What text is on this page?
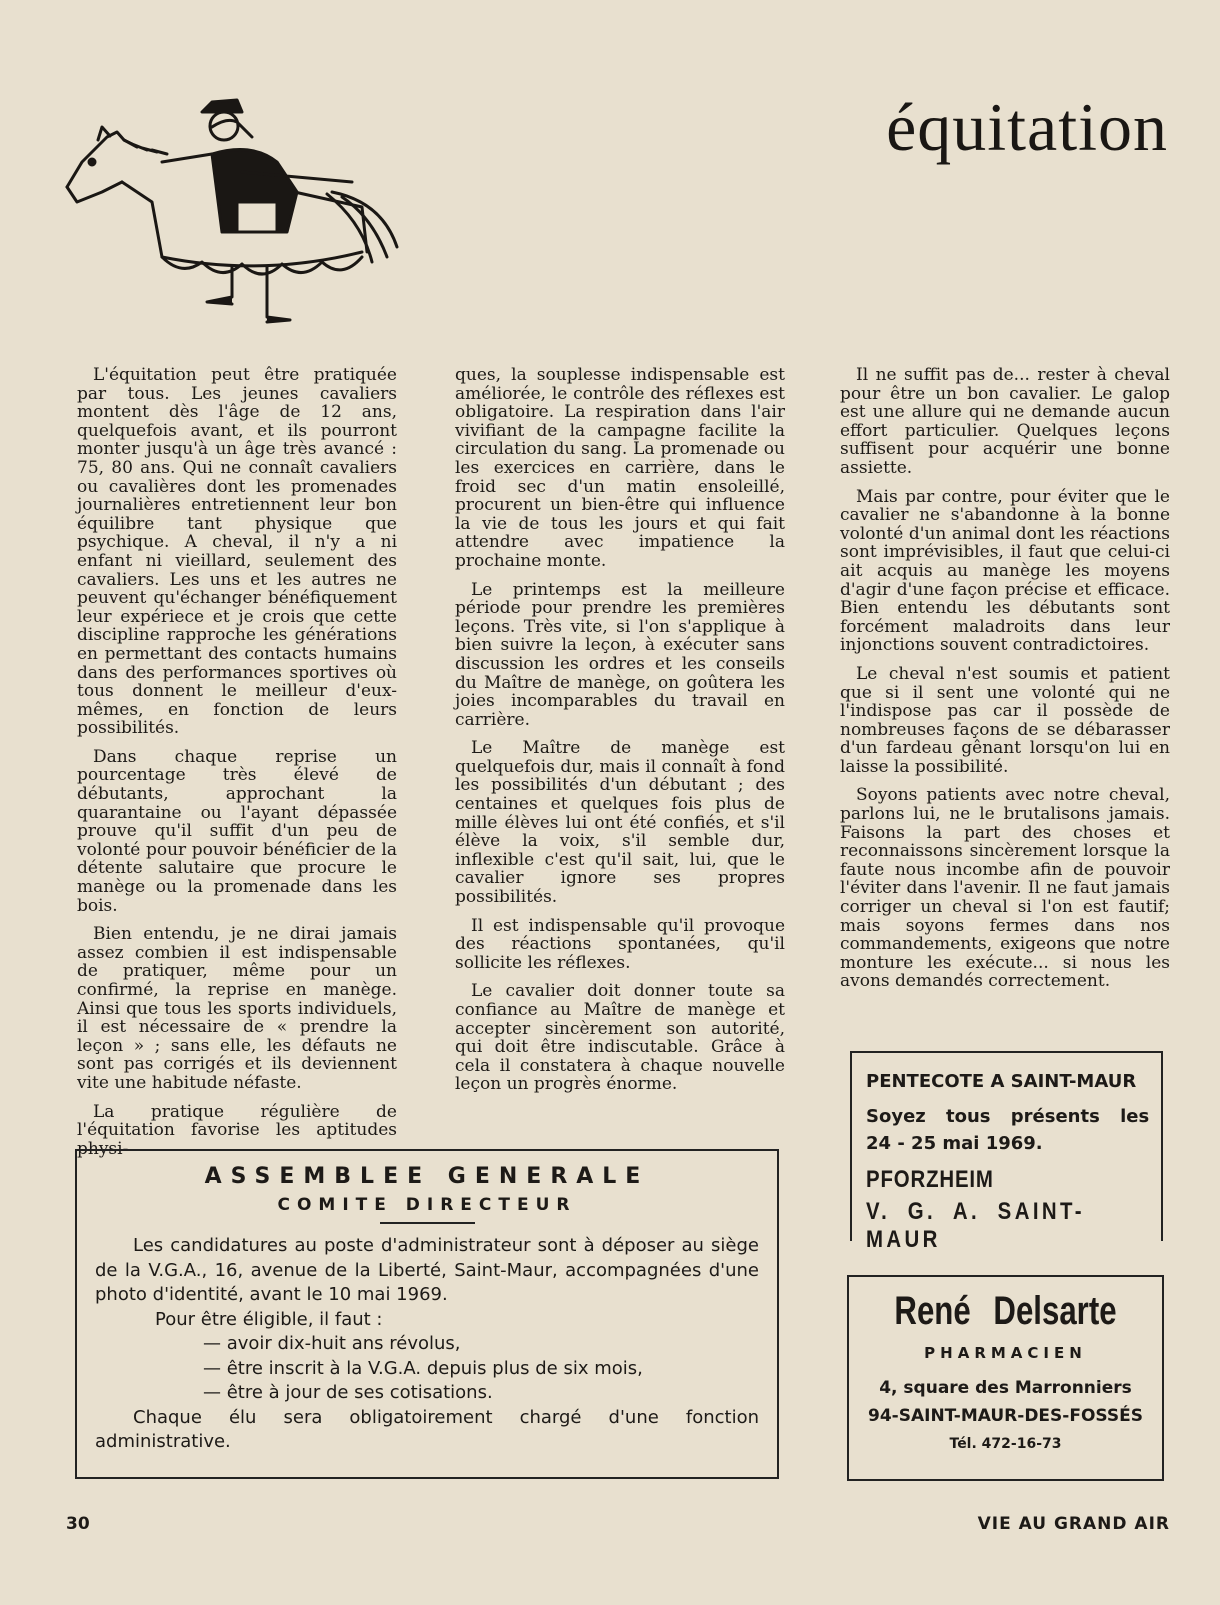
équitation

L'équitation peut être pratiquée par tous. Les jeunes cavaliers montent dès l'âge de 12 ans, quelquefois avant, et ils pourront monter jusqu'à un âge très avancé : 75, 80 ans. Qui ne connaît cavaliers ou cavalières dont les promenades journalières entretiennent leur bon équilibre tant physique que psychique. A cheval, il n'y a ni enfant ni vieillard, seulement des cavaliers. Les uns et les autres ne peuvent qu'échanger bénéfiquement leur expériece et je crois que cette discipline rapproche les générations en permettant des contacts humains dans des performances sportives où tous donnent le meilleur d'eux-mêmes, en fonction de leurs possibilités.

Dans chaque reprise un pourcentage très élevé de débutants, approchant la quarantaine ou l'ayant dépassée prouve qu'il suffit d'un peu de volonté pour pouvoir bénéficier de la détente salutaire que procure le manège ou la promenade dans les bois.

Bien entendu, je ne dirai jamais assez combien il est indispensable de pratiquer, même pour un confirmé, la reprise en manège. Ainsi que tous les sports individuels, il est nécessaire de « prendre la leçon » ; sans elle, les défauts ne sont pas corrigés et ils deviennent vite une habitude néfaste.

La pratique régulière de l'équitation favorise les aptitudes physi-

ques, la souplesse indispensable est améliorée, le contrôle des réflexes est obligatoire. La respiration dans l'air vivifiant de la campagne facilite la circulation du sang. La promenade ou les exercices en carrière, dans le froid sec d'un matin ensoleillé, procurent un bien-être qui influence la vie de tous les jours et qui fait attendre avec impatience la prochaine monte.

Le printemps est la meilleure période pour prendre les premières leçons. Très vite, si l'on s'applique à bien suivre la leçon, à exécuter sans discussion les ordres et les conseils du Maître de manège, on goûtera les joies incomparables du travail en carrière.

Le Maître de manège est quelquefois dur, mais il connaît à fond les possibilités d'un débutant ; des centaines et quelques fois plus de mille élèves lui ont été confiés, et s'il élève la voix, s'il semble dur, inflexible c'est qu'il sait, lui, que le cavalier ignore ses propres possibilités.

Il est indispensable qu'il provoque des réactions spontanées, qu'il sollicite les réflexes.

Le cavalier doit donner toute sa confiance au Maître de manège et accepter sincèrement son autorité, qui doit être indiscutable. Grâce à cela il constatera à chaque nouvelle leçon un progrès énorme.

Il ne suffit pas de... rester à cheval pour être un bon cavalier. Le galop est une allure qui ne demande aucun effort particulier. Quelques leçons suffisent pour acquérir une bonne assiette.

Mais par contre, pour éviter que le cavalier ne s'abandonne à la bonne volonté d'un animal dont les réactions sont imprévisibles, il faut que celui-ci ait acquis au manège les moyens d'agir d'une façon précise et efficace. Bien entendu les débutants sont forcément maladroits dans leur injonctions souvent contradictoires.

Le cheval n'est soumis et patient que si il sent une volonté qui ne l'indispose pas car il possède de nombreuses façons de se débarasser d'un fardeau gênant lorsqu'on lui en laisse la possibilité.

Soyons patients avec notre cheval, parlons lui, ne le brutalisons jamais. Faisons la part des choses et reconnaissons sincèrement lorsque la faute nous incombe afin de pouvoir l'éviter dans l'avenir. Il ne faut jamais corriger un cheval si l'on est fautif; mais soyons fermes dans nos commandements, exigeons que notre monture les exécute... si nous les avons demandés correctement.

ASSEMBLEE GENERALE
COMITE DIRECTEUR

Les candidatures au poste d'administrateur sont à déposer au siège de la V.G.A., 16, avenue de la Liberté, Saint-Maur, accompagnées d'une photo d'identité, avant le 10 mai 1969.

Pour être éligible, il faut :

— avoir dix-huit ans révolus,

— être inscrit à la V.G.A. depuis plus de six mois,

— être à jour de ses cotisations.

Chaque élu sera obligatoirement chargé d'une fonction administrative.

PENTECOTE A SAINT-MAUR
Soyez tous présents les
24 - 25 mai 1969.
PFORZHEIM
V. G. A. SAINT-MAUR
René Delsarte
PHARMACIEN
4, square des Marronniers
94-SAINT-MAUR-DES-FOSSÉS
Tél. 472-16-73
30	VIE AU GRAND AIR
